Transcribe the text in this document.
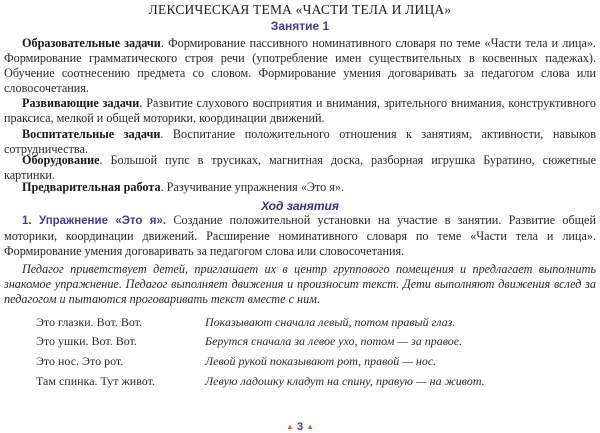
ЛЕКСИЧЕСКАЯ ТЕМА «ЧАСТИ ТЕЛА И ЛИЦА»
Занятие 1

Образовательные задачи. Формирование пассивного номинативного словаря по теме «Части тела и лица». Формирование грамматического строя речи (употребление имен существительных в косвенных падежах). Обучение соотнесению предмета со словом. Формирование умения договаривать за педагогом слова или словосочетания.

Развивающие задачи. Развитие слухового восприятия и внимания, зрительного внимания, конструктивного праксиса, мелкой и общей моторики, координации движений.

Воспитательные задачи. Воспитание положительного отношения к занятиям, активности, навыков сотрудничества.

Оборудование. Большой пупс в трусиках, магнитная доска, разборная игрушка Буратино, сюжетные картинки.

Предварительная работа. Разучивание упражнения «Это я».

Ход занятия

1. Упражнение «Это я». Создание положительной установки на участие в занятии. Развитие общей моторики, координации движений. Расширение номинативного словаря по теме «Части тела и лица». Формирование умения договаривать за педагогом слова или словосочетания.

Педагог приветствует детей, приглашает их в центр группового помещения и предлагает выполнить знакомое упражнение. Педагог выполняет движения и произносит текст. Дети выполняют движения вслед за педагогом и пытаются проговаривать текст вместе с ним.

Это глазки. Вот. Вот.	Показывают сначала левый, потом правый глаз.
Это ушки. Вот. Вот.	Берутся сначала за левое ухо, потом — за правое.
Это нос. Это рот.	Левой рукой показывают рот, правой — нос.
Там спинка. Тут живот.	Левую ладошку кладут на спину, правую — на живот.
▲ 3 ▲
